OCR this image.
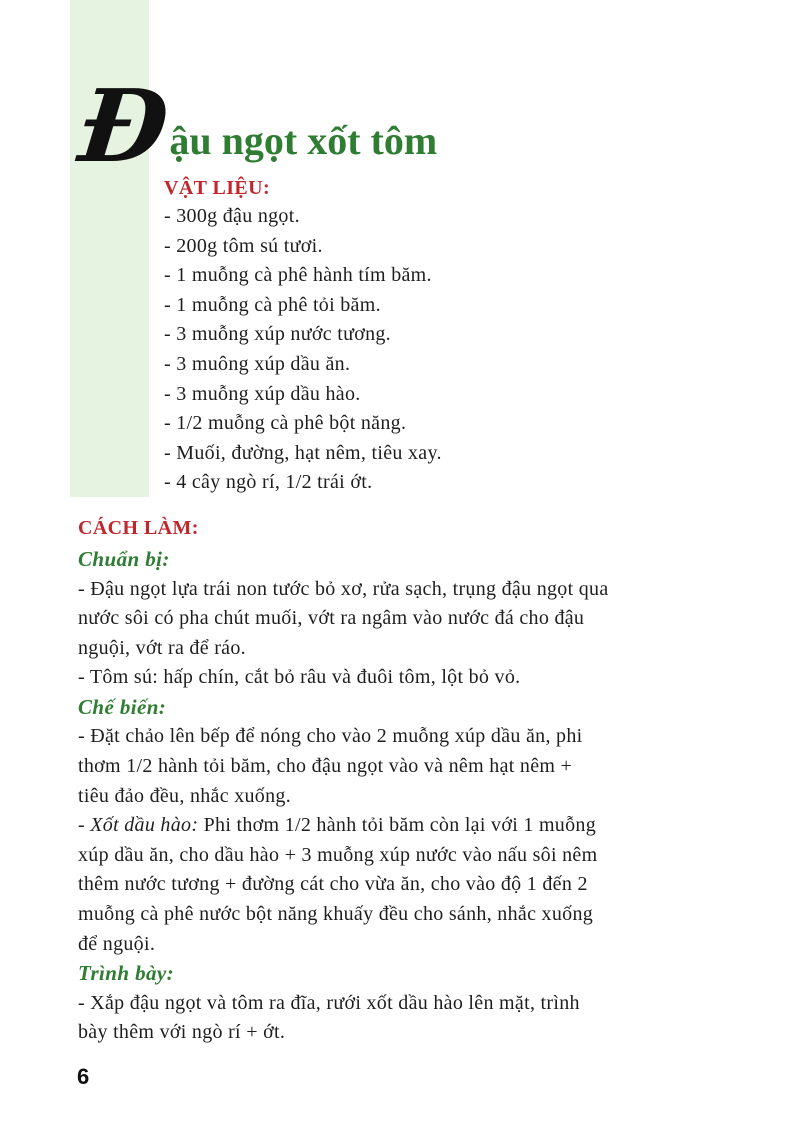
Đậu ngọt xốt tôm
VẬT LIỆU:
- 300g đậu ngọt.
- 200g tôm sú tươi.
- 1 muỗng cà phê hành tím băm.
- 1 muỗng cà phê tỏi băm.
- 3 muỗng xúp nước tương.
- 3 muông xúp dầu ăn.
- 3 muỗng xúp dầu hào.
- 1/2 muỗng cà phê bột năng.
- Muối, đường, hạt nêm, tiêu xay.
- 4 cây ngò rí, 1/2 trái ớt.
CÁCH LÀM:
Chuẩn bị:

- Đậu ngọt lựa trái non tước bỏ xơ, rửa sạch, trụng đậu ngọt qua
nước sôi có pha chút muối, vớt ra ngâm vào nước đá cho đậu
nguội, vớt ra để ráo.

- Tôm sú: hấp chín, cắt bỏ râu và đuôi tôm, lột bỏ vỏ.

Chế biến:

- Đặt chảo lên bếp để nóng cho vào 2 muỗng xúp dầu ăn, phi
thơm 1/2 hành tỏi băm, cho đậu ngọt vào và nêm hạt nêm +
tiêu đảo đều, nhắc xuống.

- Xốt dầu hào: Phi thơm 1/2 hành tỏi băm còn lại với 1 muỗng
xúp dầu ăn, cho dầu hào + 3 muỗng xúp nước vào nấu sôi nêm
thêm nước tương + đường cát cho vừa ăn, cho vào độ 1 đến 2
muỗng cà phê nước bột năng khuấy đều cho sánh, nhắc xuống
để nguội.

Trình bày:

- Xắp đậu ngọt và tôm ra đĩa, rưới xốt dầu hào lên mặt, trình
bày thêm với ngò rí + ớt.

6
